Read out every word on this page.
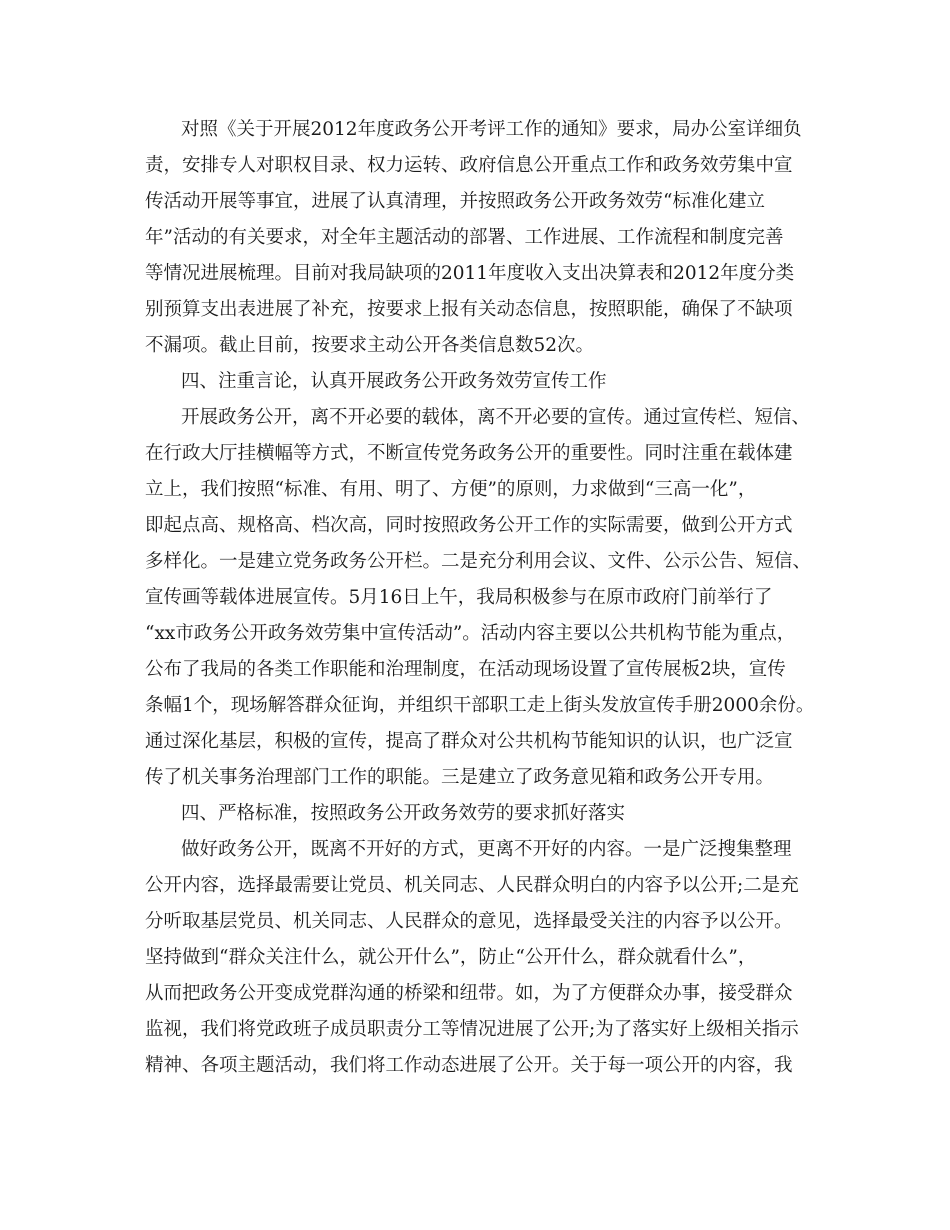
对照《关于开展2012年度政务公开考评工作的通知》要求，局办公室详细负
责，安排专人对职权目录、权力运转、政府信息公开重点工作和政务效劳集中宣
传活动开展等事宜，进展了认真清理，并按照政务公开政务效劳“标准化建立
年”活动的有关要求，对全年主题活动的部署、工作进展、工作流程和制度完善
等情况进展梳理。目前对我局缺项的2011年度收入支出决算表和2012年度分类
别预算支出表进展了补充，按要求上报有关动态信息，按照职能，确保了不缺项
不漏项。截止目前，按要求主动公开各类信息数52次。
四、注重言论，认真开展政务公开政务效劳宣传工作
开展政务公开，离不开必要的载体，离不开必要的宣传。通过宣传栏、短信、
在行政大厅挂横幅等方式，不断宣传党务政务公开的重要性。同时注重在载体建
立上，我们按照“标准、有用、明了、方便”的原则，力求做到“三高一化”，
即起点高、规格高、档次高，同时按照政务公开工作的实际需要，做到公开方式
多样化。一是建立党务政务公开栏。二是充分利用会议、文件、公示公告、短信、
宣传画等载体进展宣传。5月16日上午，我局积极参与在原市政府门前举行了
“xx市政务公开政务效劳集中宣传活动”。活动内容主要以公共机构节能为重点，
公布了我局的各类工作职能和治理制度，在活动现场设置了宣传展板2块，宣传
条幅1个，现场解答群众征询，并组织干部职工走上街头发放宣传手册2000余份。
通过深化基层，积极的宣传，提高了群众对公共机构节能知识的认识，也广泛宣
传了机关事务治理部门工作的职能。三是建立了政务意见箱和政务公开专用。
四、严格标准，按照政务公开政务效劳的要求抓好落实
做好政务公开，既离不开好的方式，更离不开好的内容。一是广泛搜集整理
公开内容，选择最需要让党员、机关同志、人民群众明白的内容予以公开;二是充
分听取基层党员、机关同志、人民群众的意见，选择最受关注的内容予以公开。
坚持做到“群众关注什么，就公开什么”，防止“公开什么，群众就看什么”，
从而把政务公开变成党群沟通的桥梁和纽带。如，为了方便群众办事，接受群众
监视，我们将党政班子成员职责分工等情况进展了公开;为了落实好上级相关指示
精神、各项主题活动，我们将工作动态进展了公开。关于每一项公开的内容，我
